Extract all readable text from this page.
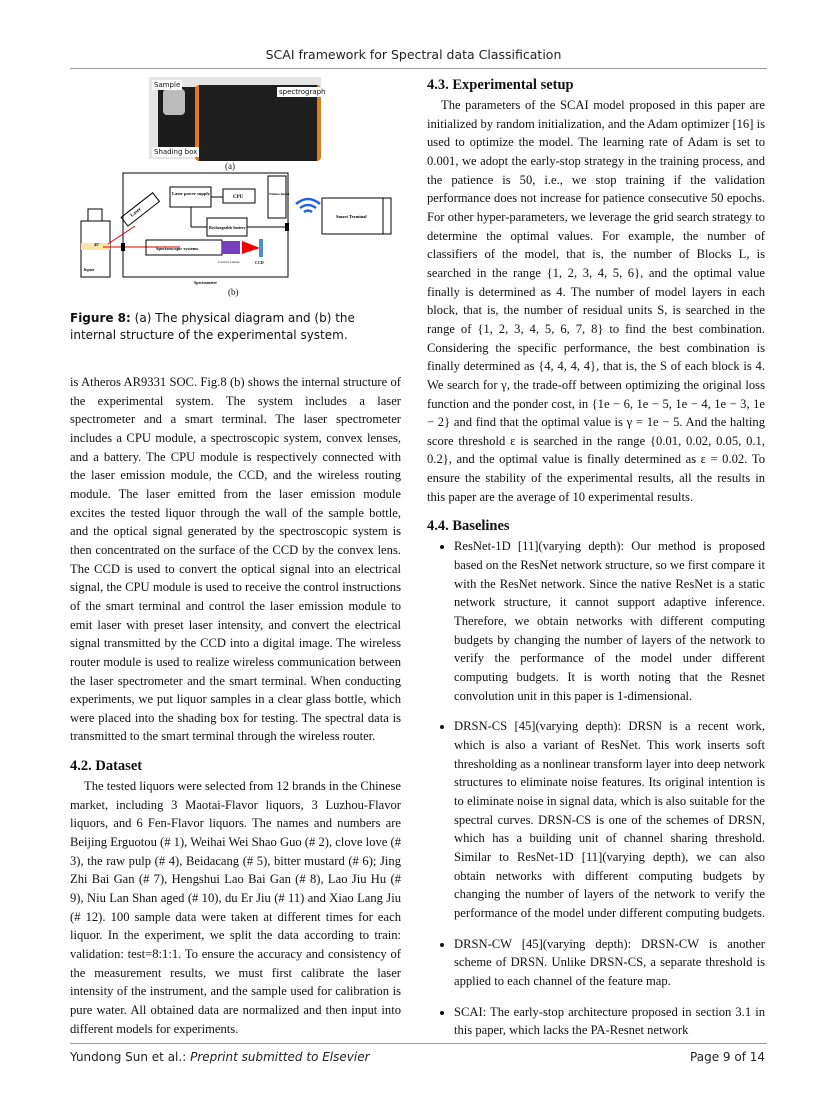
SCAI framework for Spectral data Classification
Sample
spectrograph
Shading box
(a)
Laser
Laser power supply
CPU
Wireless Router
Rechargeable battery
Spectroscopic systems
Convex Lenses	CCD
liquor
45°
Spectrometer
Smart Terminal
(b)
Figure 8: (a) The physical diagram and (b) the internal structure of the experimental system.

is Atheros AR9331 SOC. Fig.8 (b) shows the internal structure of the experimental system. The system includes a laser spectrometer and a smart terminal. The laser spectrometer includes a CPU module, a spectroscopic system, convex lenses, and a battery. The CPU module is respectively connected with the laser emission module, the CCD, and the wireless routing module. The laser emitted from the laser emission module excites the tested liquor through the wall of the sample bottle, and the optical signal generated by the spectroscopic system is then concentrated on the surface of the CCD by the convex lens. The CCD is used to convert the optical signal into an electrical signal, the CPU module is used to receive the control instructions of the smart terminal and control the laser emission module to emit laser with preset laser intensity, and convert the electrical signal transmitted by the CCD into a digital image. The wireless router module is used to realize wireless communication between the laser spectrometer and the smart terminal. When conducting experiments, we put liquor samples in a clear glass bottle, which were placed into the shading box for testing. The spectral data is transmitted to the smart terminal through the wireless router.

4.2. Dataset

The tested liquors were selected from 12 brands in the Chinese market, including 3 Maotai-Flavor liquors, 3 Luzhou-Flavor liquors, and 6 Fen-Flavor liquors. The names and numbers are Beijing Erguotou (# 1), Weihai Wei Shao Guo (# 2), clove love (# 3), the raw pulp (# 4), Beidacang (# 5), bitter mustard (# 6); Jing Zhi Bai Gan (# 7), Hengshui Lao Bai Gan (# 8), Lao Jiu Hu (# 9), Niu Lan Shan aged (# 10), du Er Jiu (# 11) and Xiao Lang Jiu (# 12). 100 sample data were taken at different times for each liquor. In the experiment, we split the data according to train: validation: test=8:1:1. To ensure the accuracy and consistency of the measurement results, we must first calibrate the laser intensity of the instrument, and the sample used for calibration is pure water. All obtained data are normalized and then input into different models for experiments.

4.3. Experimental setup

The parameters of the SCAI model proposed in this paper are initialized by random initialization, and the Adam optimizer [16] is used to optimize the model. The learning rate of Adam is set to 0.001, we adopt the early-stop strategy in the training process, and the patience is 50, i.e., we stop training if the validation performance does not increase for patience consecutive 50 epochs. For other hyper-parameters, we leverage the grid search strategy to determine the optimal values. For example, the number of classifiers of the model, that is, the number of Blocks L, is searched in the range {1, 2, 3, 4, 5, 6}, and the optimal value finally is determined as 4. The number of model layers in each block, that is, the number of residual units S, is searched in the range of {1, 2, 3, 4, 5, 6, 7, 8} to find the best combination. Considering the specific performance, the best combination is finally determined as {4, 4, 4, 4}, that is, the S of each block is 4. We search for γ, the trade-off between optimizing the original loss function and the ponder cost, in {1e − 6, 1e − 5, 1e − 4, 1e − 3, 1e − 2} and find that the optimal value is γ = 1e − 5. And the halting score threshold ε is searched in the range {0.01, 0.02, 0.05, 0.1, 0.2}, and the optimal value is finally determined as ε = 0.02. To ensure the stability of the experimental results, all the results in this paper are the average of 10 experimental results.

4.4. Baselines
• ResNet-1D [11](varying depth): Our method is proposed based on the ResNet network structure, so we first compare it with the ResNet network. Since the native ResNet is a static network structure, it cannot support adaptive inference. Therefore, we obtain networks with different computing budgets by changing the number of layers of the network to verify the performance of the model under different computing budgets. It is worth noting that the Resnet convolution unit in this paper is 1-dimensional.
• DRSN-CS [45](varying depth): DRSN is a recent work, which is also a variant of ResNet. This work inserts soft thresholding as a nonlinear transform layer into deep network structures to eliminate noise features. Its original intention is to eliminate noise in signal data, which is also suitable for the spectral curves. DRSN-CS is one of the schemes of DRSN, which has a building unit of channel sharing threshold. Similar to ResNet-1D [11](varying depth), we can also obtain networks with different computing budgets by changing the number of layers of the network to verify the performance of the model under different computing budgets.
• DRSN-CW [45](varying depth): DRSN-CW is another scheme of DRSN. Unlike DRSN-CS, a separate threshold is applied to each channel of the feature map.
• SCAI: The early-stop architecture proposed in section 3.1 in this paper, which lacks the PA-Resnet network
Yundong Sun et al.: Preprint submitted to Elsevier	Page 9 of 14
